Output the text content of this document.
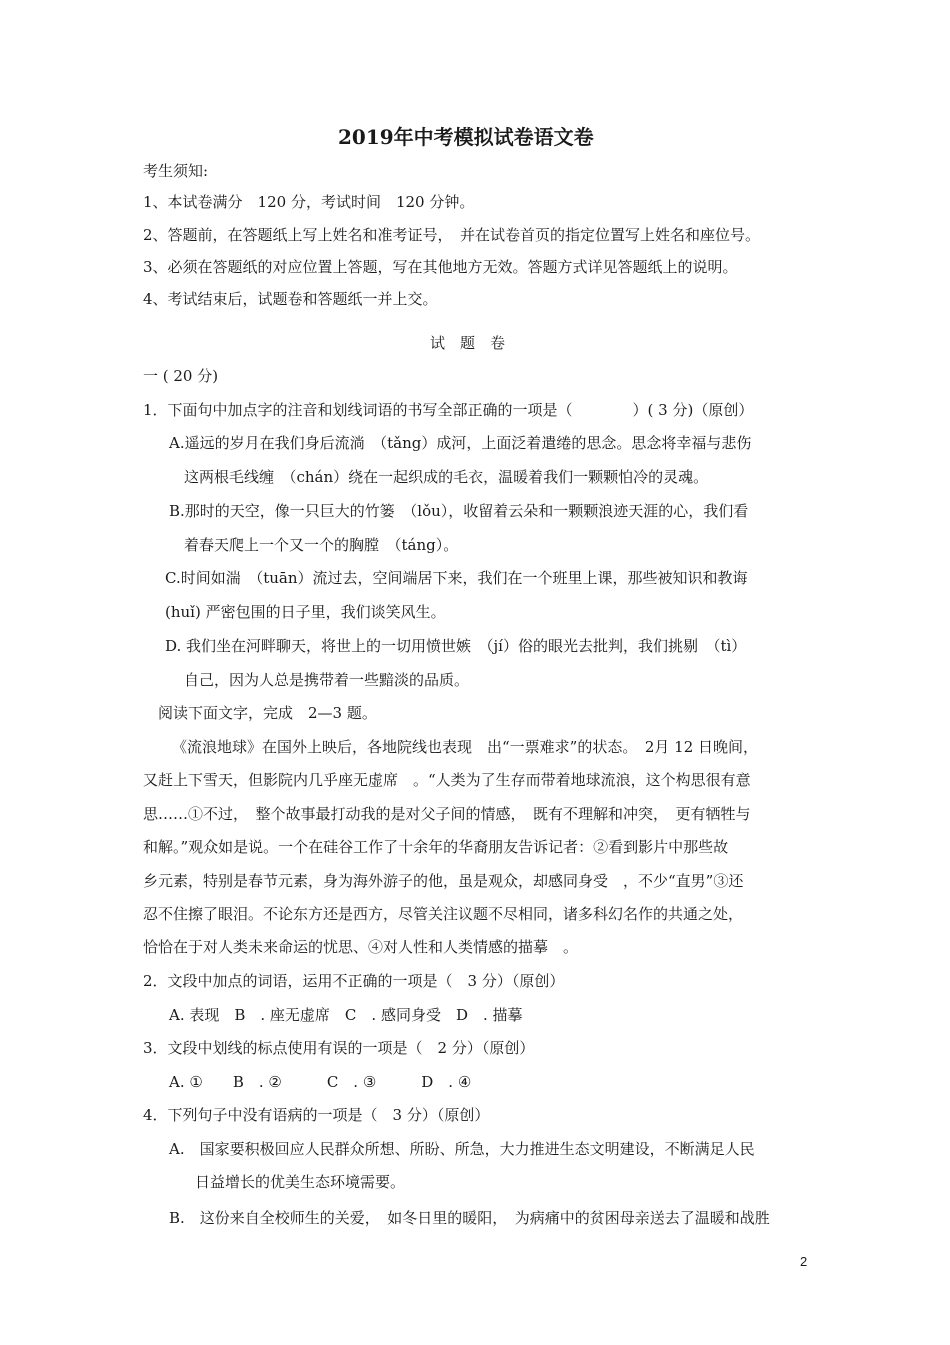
2019年中考模拟试卷语文卷
考生须知:
1、本试卷满分　120 分，考试时间　120 分钟。
2、答题前，在答题纸上写上姓名和准考证号，　并在试卷首页的指定位置写上姓名和座位号。
3、必须在答题纸的对应位置上答题，写在其他地方无效。答题方式详见答题纸上的说明。
4、考试结束后，试题卷和答题纸一并上交。
试　题　卷
一 ( 20 分)
1．下面句中加点字的注音和划线词语的书写全部正确的一项是（　　　　）( 3 分)（原创）
A.遥远的岁月在我们身后流淌　（tǎng）成河，上面泛着遣绻的思念。思念将幸福与悲伤
这两根毛线缠　（chán）绕在一起织成的毛衣，温暖着我们一颗颗怕冷的灵魂。
B.那时的天空，像一只巨大的竹篓　（lǒu），收留着云朵和一颗颗浪迹天涯的心，我们看
着春天爬上一个又一个的胸膛　（táng）。
C.时间如湍　（tuān）流过去，空间端居下来，我们在一个班里上课，那些被知识和教诲
(huǐ) 严密包围的日子里，我们谈笑风生。
D. 我们坐在河畔聊天，将世上的一切用愤世嫉　（jí）俗的眼光去批判，我们挑剔　（tì）
自己，因为人总是携带着一些黯淡的品质。
阅读下面文字，完成　2—3 题。
《流浪地球》在国外上映后，各地院线也表现　出“一票难求”的状态。　2月 12 日晚间，
又赶上下雪天，但影院内几乎座无虚席　。“人类为了生存而带着地球流浪，这个构思很有意
思……①不过，　整个故事最打动我的是对父子间的情感，　既有不理解和冲突，　更有牺牲与
和解。”观众如是说。一个在硅谷工作了十余年的华裔朋友告诉记者：②看到影片中那些故
乡元素，特别是春节元素，身为海外游子的他，虽是观众，却感同身受　，不少“直男”③还
忍不住擦了眼泪。不论东方还是西方，尽管关注议题不尽相同，诸多科幻名作的共通之处，
恰恰在于对人类未来命运的忧思、④对人性和人类情感的描摹　。
2．文段中加点的词语，运用不正确的一项是（　3 分）（原创）
A. 表现　B　. 座无虚席　C　. 感同身受　D　. 描摹
3．文段中划线的标点使用有误的一项是（　2 分）（原创）
A. ①　　B　. ②　　　C　. ③　　　D　. ④
4．下列句子中没有语病的一项是（　3 分）（原创）
A.　国家要积极回应人民群众所想、所盼、所急，大力推进生态文明建设，不断满足人民
日益增长的优美生态环境需要。
B.　这份来自全校师生的关爱，　如冬日里的暖阳，　为病痛中的贫困母亲送去了温暖和战胜
2
